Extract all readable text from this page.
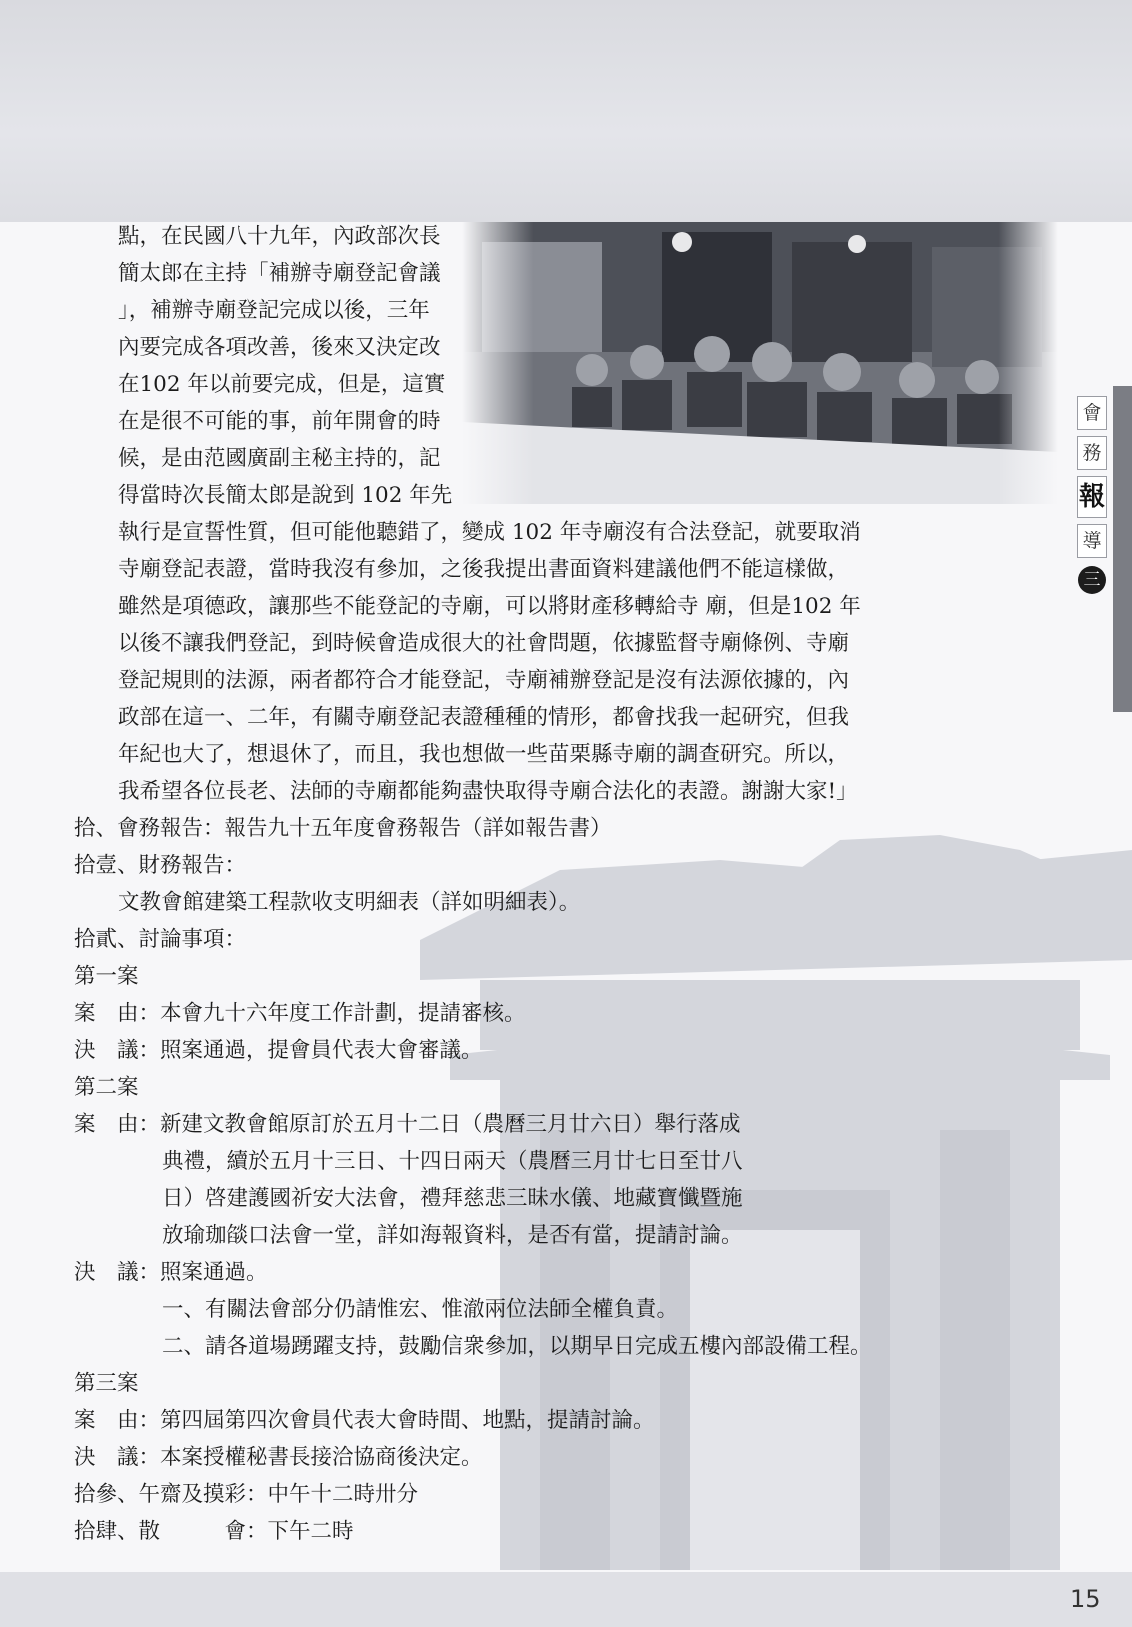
會
務
報
導
三
點，在民國八十九年，內政部次長
簡太郎在主持「補辦寺廟登記會議
」，補辦寺廟登記完成以後，三年
內要完成各項改善，後來又決定改
在102 年以前要完成，但是，這實
在是很不可能的事，前年開會的時
候，是由范國廣副主秘主持的，記
得當時次長簡太郎是說到 102 年先
執行是宣誓性質，但可能他聽錯了，變成 102 年寺廟沒有合法登記，就要取消
寺廟登記表證，當時我沒有參加，之後我提出書面資料建議他們不能這樣做，
雖然是項德政，讓那些不能登記的寺廟，可以將財產移轉給寺 廟，但是102 年
以後不讓我們登記，到時候會造成很大的社會問題，依據監督寺廟條例、寺廟
登記規則的法源，兩者都符合才能登記，寺廟補辦登記是沒有法源依據的，內
政部在這一、二年，有關寺廟登記表證種種的情形，都會找我一起研究，但我
年紀也大了，想退休了，而且，我也想做一些苗栗縣寺廟的調查研究。所以，
我希望各位長老、法師的寺廟都能夠盡快取得寺廟合法化的表證。謝謝大家!」
拾、會務報告：報告九十五年度會務報告（詳如報告書）
拾壹、財務報告：
文教會館建築工程款收支明細表（詳如明細表）。
拾貳、討論事項：
第一案
案　由：本會九十六年度工作計劃，提請審核。
決　議：照案通過，提會員代表大會審議。
第二案
案　由：新建文教會館原訂於五月十二日（農曆三月廿六日）舉行落成
典禮，續於五月十三日、十四日兩天（農曆三月廿七日至廿八
日）啓建護國祈安大法會，禮拜慈悲三昧水儀、地藏寶懺暨施
放瑜珈燄口法會一堂，詳如海報資料，是否有當，提請討論。
決　議：照案通過。
一、有關法會部分仍請惟宏、惟澈兩位法師全權負責。
二、請各道場踴躍支持，鼓勵信衆參加，以期早日完成五樓內部設備工程。
第三案
案　由：第四屆第四次會員代表大會時間、地點，提請討論。
決　議：本案授權秘書長接洽協商後決定。
拾參、午齋及摸彩：中午十二時卅分
拾肆、散　　　會：下午二時
15
